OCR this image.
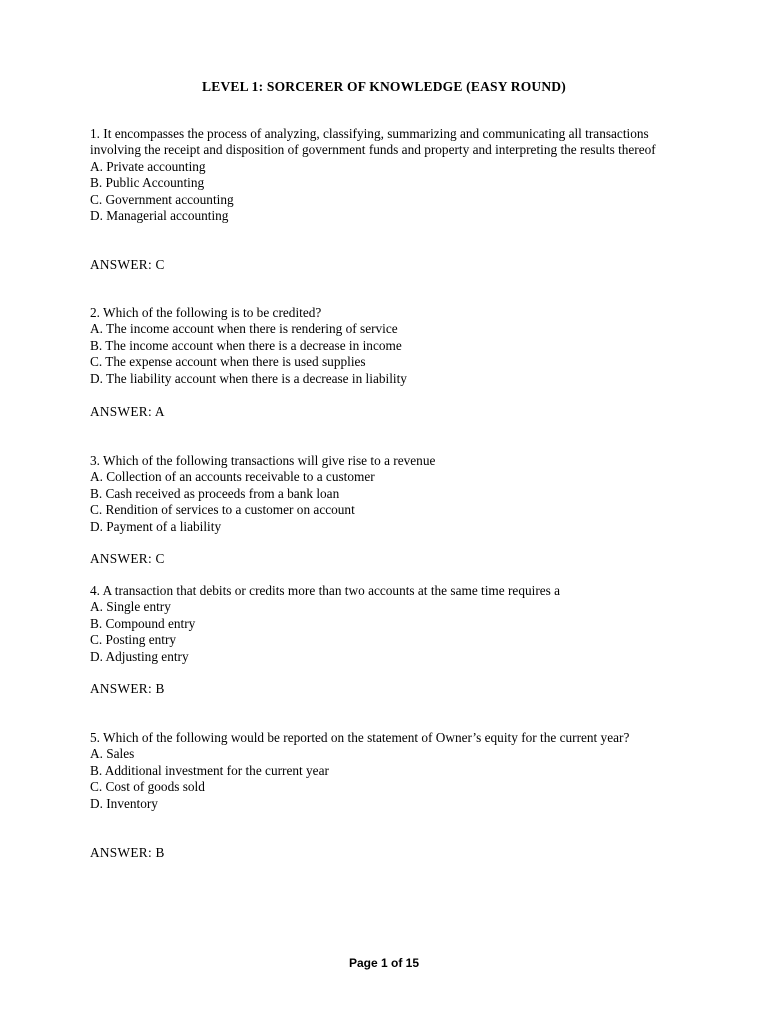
LEVEL 1: SORCERER OF KNOWLEDGE (EASY ROUND)
1. It encompasses the process of analyzing, classifying, summarizing and communicating all transactions involving the receipt and disposition of government funds and property and interpreting the results thereof
A. Private accounting
B. Public Accounting
C. Government accounting
D. Managerial accounting
ANSWER: C
2. Which of the following is to be credited?
A. The income account when there is rendering of service
B. The income account when there is a decrease in income
C. The expense account when there is used supplies
D. The liability account when there is a decrease in liability
ANSWER: A
3. Which of the following transactions will give rise to a revenue
A. Collection of an accounts receivable to a customer
B. Cash received as proceeds from a bank loan
C. Rendition of services to a customer on account
D. Payment of a liability
ANSWER: C
4. A transaction that debits or credits more than two accounts at the same time requires a
A. Single entry
B. Compound entry
C. Posting entry
D. Adjusting entry
ANSWER: B
5. Which of the following would be reported on the statement of Owner’s equity for the current year?
A. Sales
B. Additional investment for the current year
C. Cost of goods sold
D. Inventory
ANSWER: B
Page 1 of 15
